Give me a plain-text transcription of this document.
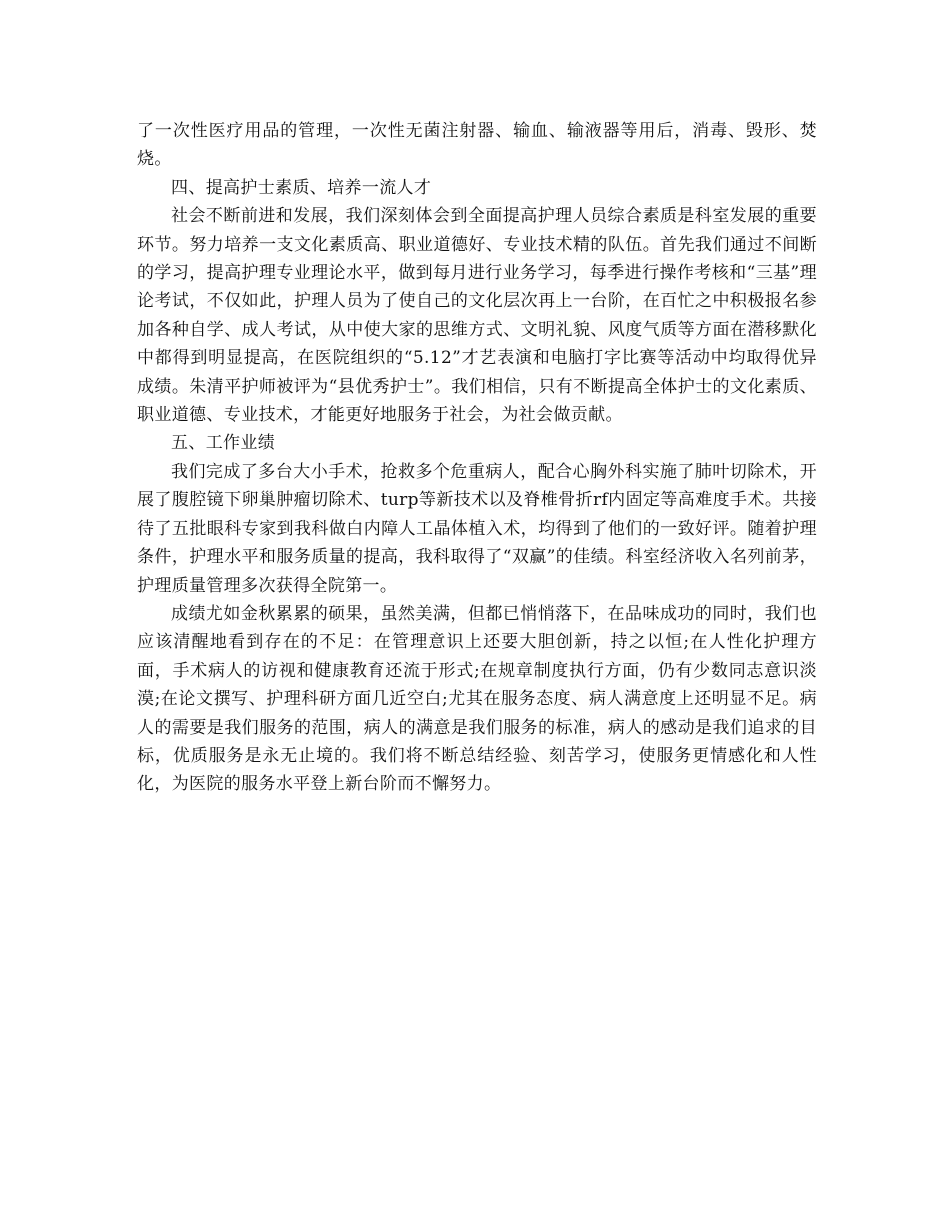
了一次性医疗用品的管理，一次性无菌注射器、输血、输液器等用后，消毒、毁形、焚烧。

四、提高护士素质、培养一流人才

社会不断前进和发展，我们深刻体会到全面提高护理人员综合素质是科室发展的重要环节。努力培养一支文化素质高、职业道德好、专业技术精的队伍。首先我们通过不间断的学习，提高护理专业理论水平，做到每月进行业务学习，每季进行操作考核和“三基”理论考试，不仅如此，护理人员为了使自己的文化层次再上一台阶，在百忙之中积极报名参加各种自学、成人考试，从中使大家的思维方式、文明礼貌、风度气质等方面在潜移默化中都得到明显提高，在医院组织的“5.12”才艺表演和电脑打字比赛等活动中均取得优异成绩。朱清平护师被评为“县优秀护士”。我们相信，只有不断提高全体护士的文化素质、职业道德、专业技术，才能更好地服务于社会，为社会做贡献。

五、工作业绩

我们完成了多台大小手术，抢救多个危重病人，配合心胸外科实施了肺叶切除术，开展了腹腔镜下卵巢肿瘤切除术、turp等新技术以及脊椎骨折rf内固定等高难度手术。共接待了五批眼科专家到我科做白内障人工晶体植入术，均得到了他们的一致好评。随着护理条件，护理水平和服务质量的提高，我科取得了“双赢”的佳绩。科室经济收入名列前茅，护理质量管理多次获得全院第一。

成绩尤如金秋累累的硕果，虽然美满，但都已悄悄落下，在品味成功的同时，我们也应该清醒地看到存在的不足：在管理意识上还要大胆创新，持之以恒;在人性化护理方面，手术病人的访视和健康教育还流于形式;在规章制度执行方面，仍有少数同志意识淡漠;在论文撰写、护理科研方面几近空白;尤其在服务态度、病人满意度上还明显不足。病人的需要是我们服务的范围，病人的满意是我们服务的标准，病人的感动是我们追求的目标，优质服务是永无止境的。我们将不断总结经验、刻苦学习，使服务更情感化和人性化，为医院的服务水平登上新台阶而不懈努力。
